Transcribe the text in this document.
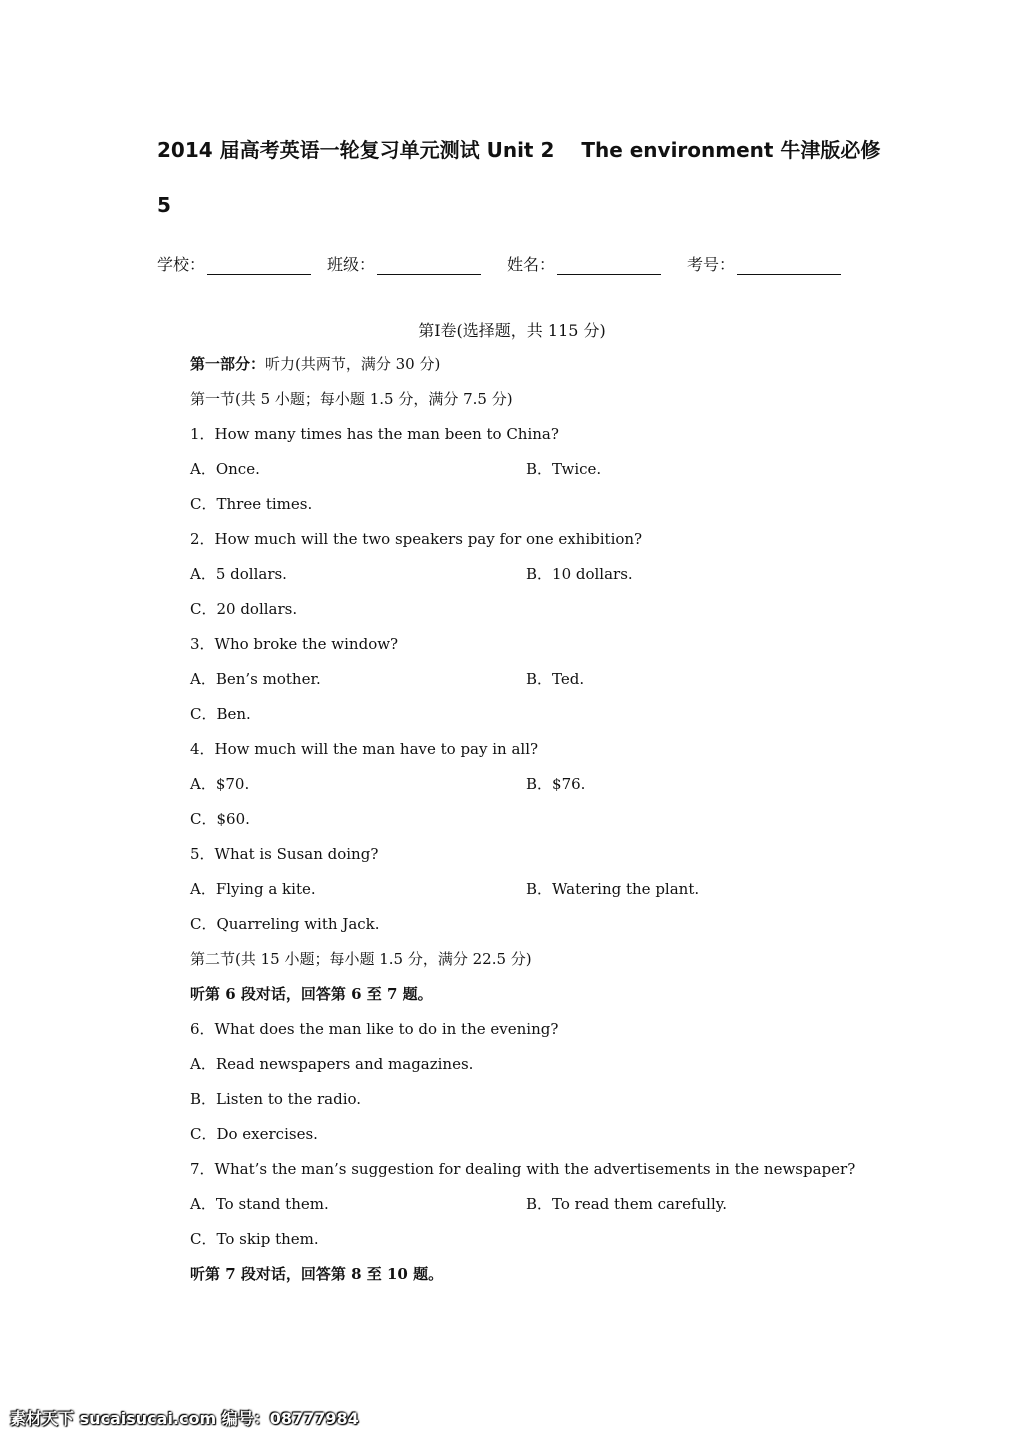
2014 届高考英语一轮复习单元测试 Unit 2　 The environment 牛津版必修
5
学校：	班级：	姓名：	考号：
第Ⅰ卷(选择题，共 115 分)
第一部分：听力(共两节，满分 30 分)
第一节(共 5 小题；每小题 1.5 分，满分 7.5 分)
1．How many times has the man been to China?
A．Once.	B．Twice.
C．Three times.
2．How much will the two speakers pay for one exhibition?
A．5 dollars.	B．10 dollars.
C．20 dollars.
3．Who broke the window?
A．Ben’s mother.	B．Ted.
C．Ben.
4．How much will the man have to pay in all?
A．$70.	B．$76.
C．$60.
5．What is Susan doing?
A．Flying a kite.	B．Watering the plant.
C．Quarreling with Jack.
第二节(共 15 小题；每小题 1.5 分，满分 22.5 分)
听第 6 段对话，回答第 6 至 7 题。
6．What does the man like to do in the evening?
A．Read newspapers and magazines.
B．Listen to the radio.
C．Do exercises.
7．What’s the man’s suggestion for dealing with the advertisements in the newspaper?
A．To stand them.	B．To read them carefully.
C．To skip them.
听第 7 段对话，回答第 8 至 10 题。
素材天下 sucaisucai.com 编号：08777984
